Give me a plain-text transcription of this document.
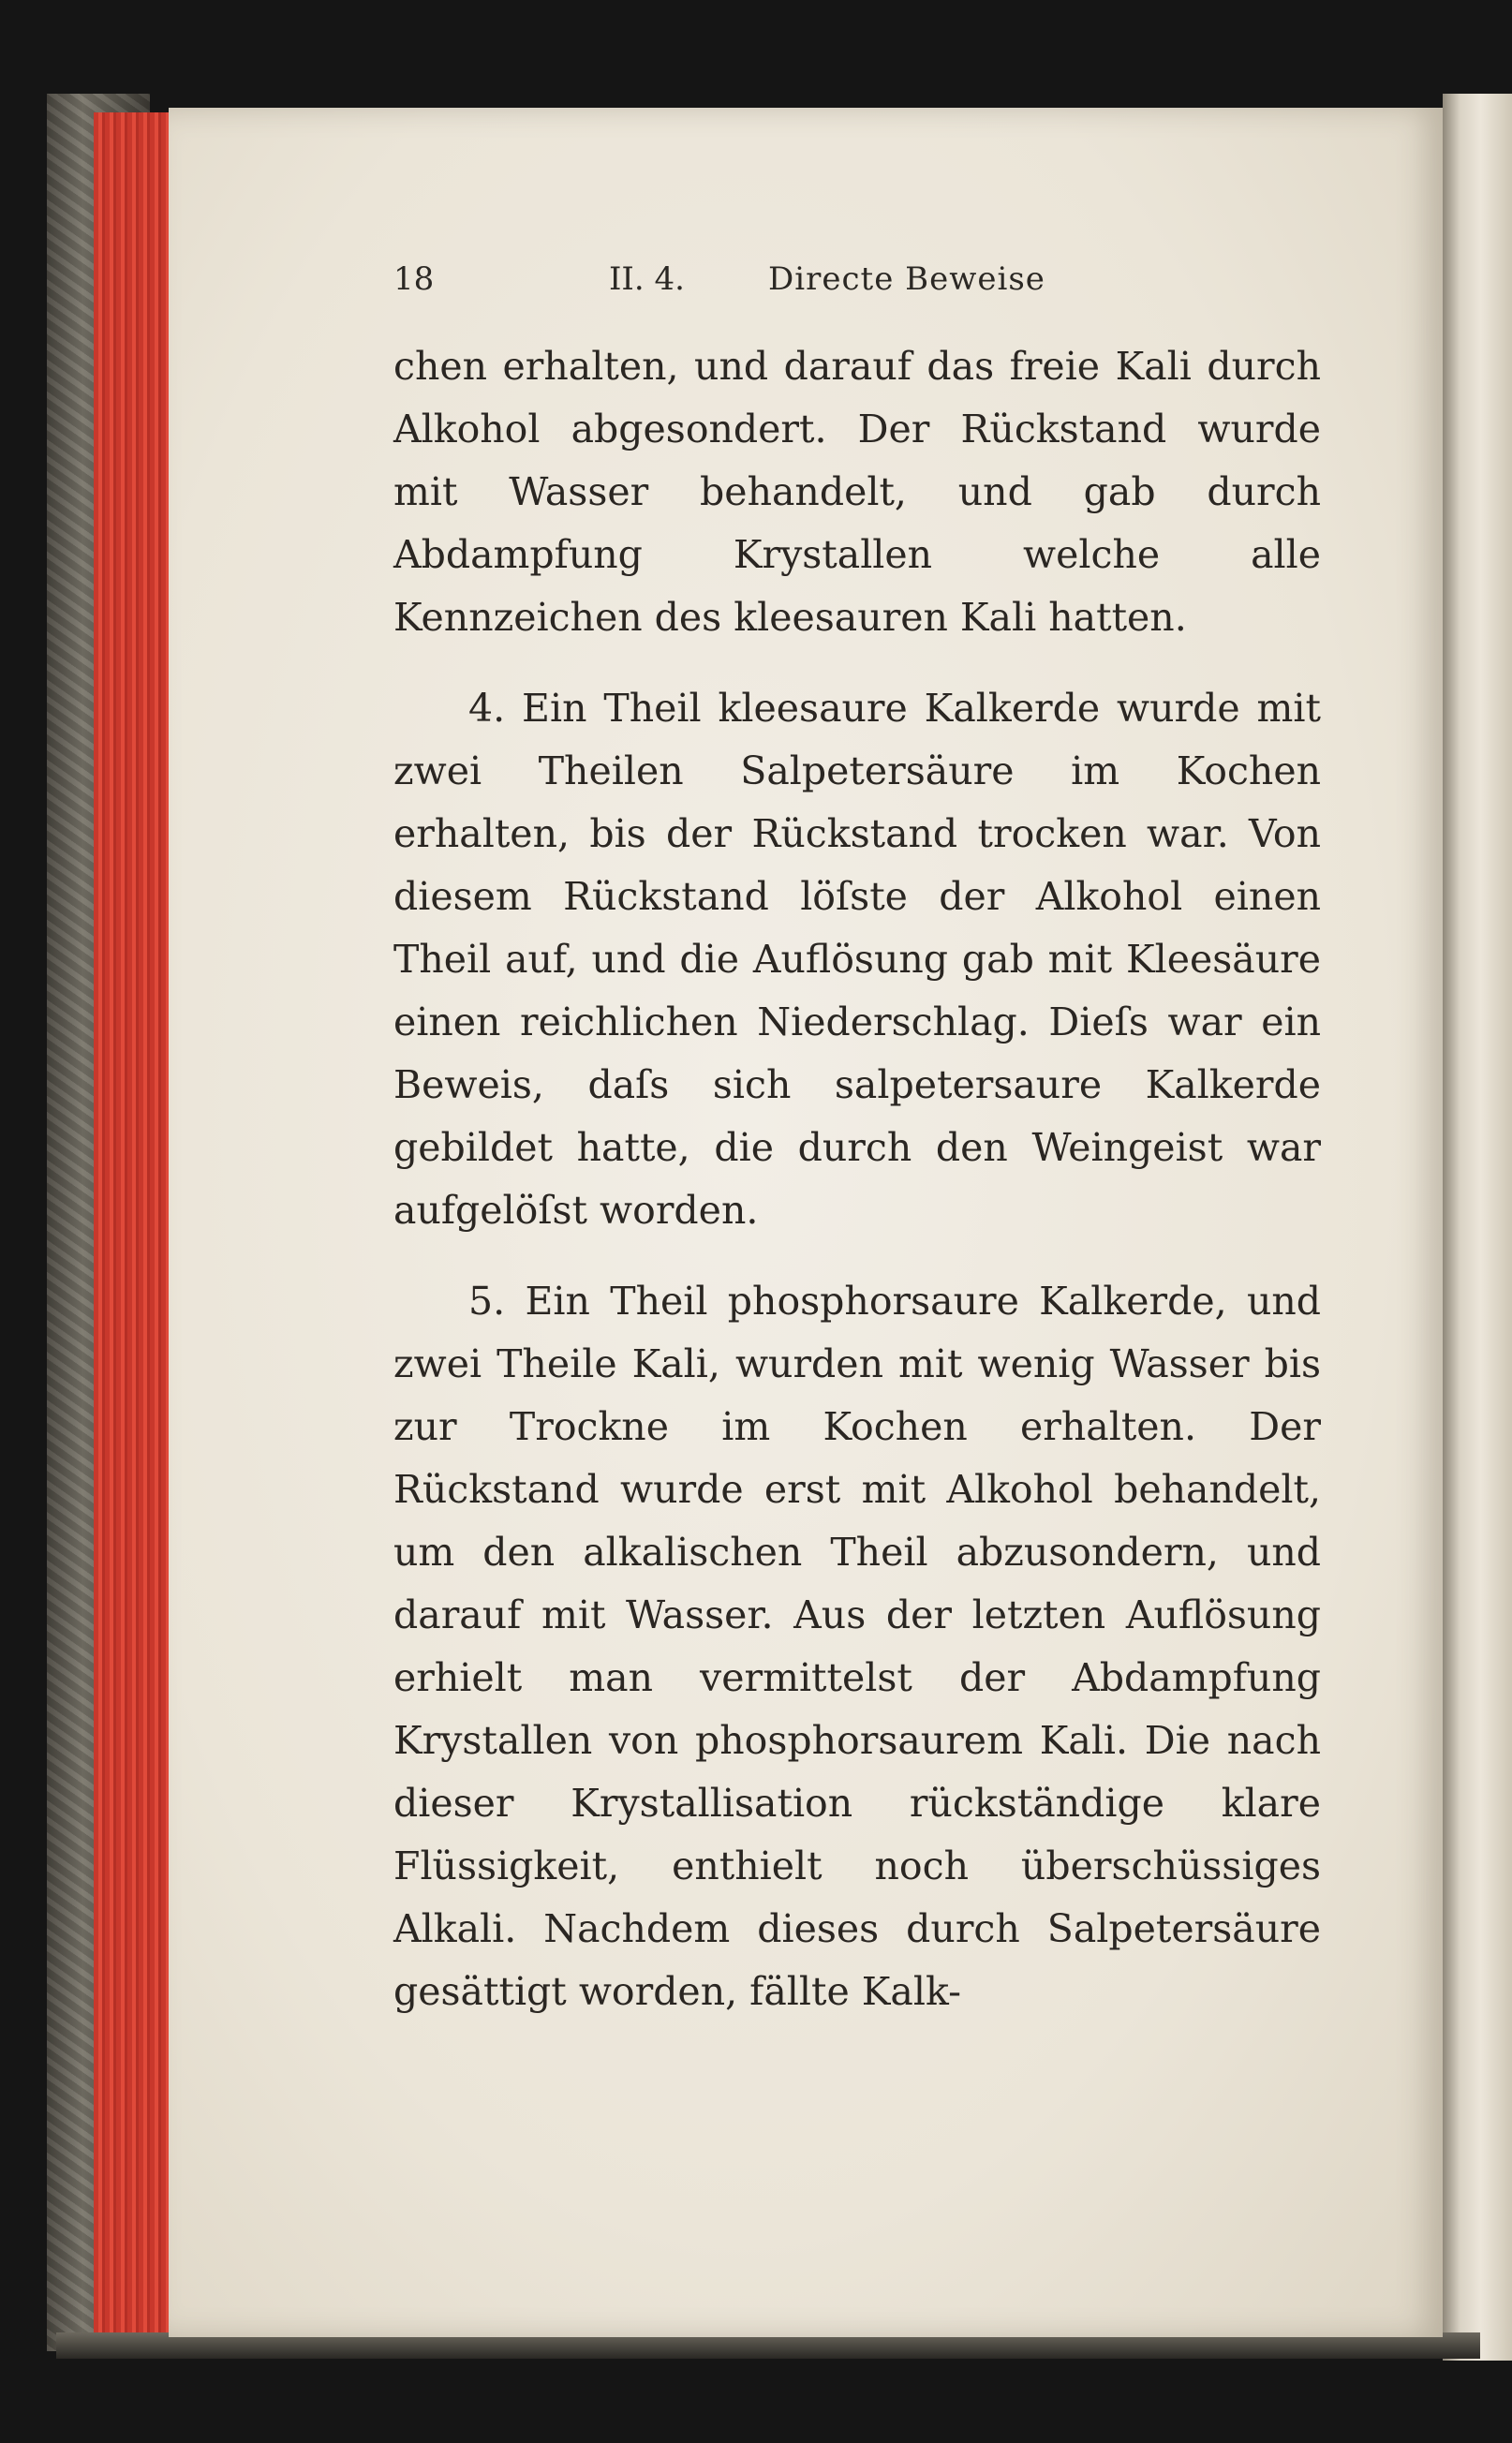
18	II. 4.	Directe Beweise

chen erhalten, und darauf das freie Kali durch Alkohol abgesondert. Der Rückstand wurde mit Wasser behandelt, und gab durch Abdampfung Krystallen welche alle Kennzeichen des kleesauren Kali hatten.

4. Ein Theil kleesaure Kalkerde wurde mit zwei Theilen Salpetersäure im Kochen erhalten, bis der Rückstand trocken war. Von diesem Rückstand löſste der Alkohol einen Theil auf, und die Auflösung gab mit Kleesäure einen reichlichen Niederschlag. Dieſs war ein Beweis, daſs sich salpetersaure Kalkerde gebildet hatte, die durch den Weingeist war aufgelöſst worden.

5. Ein Theil phosphorsaure Kalkerde, und zwei Theile Kali, wurden mit wenig Wasser bis zur Trockne im Kochen erhalten. Der Rückstand wurde erst mit Alkohol behandelt, um den alkalischen Theil abzusondern, und darauf mit Wasser. Aus der letzten Auflösung erhielt man vermittelst der Abdampfung Krystallen von phosphorsaurem Kali. Die nach dieser Krystallisation rückständige klare Flüssigkeit, enthielt noch überschüssiges Alkali. Nachdem dieses durch Salpetersäure gesättigt worden, fällte Kalk-
